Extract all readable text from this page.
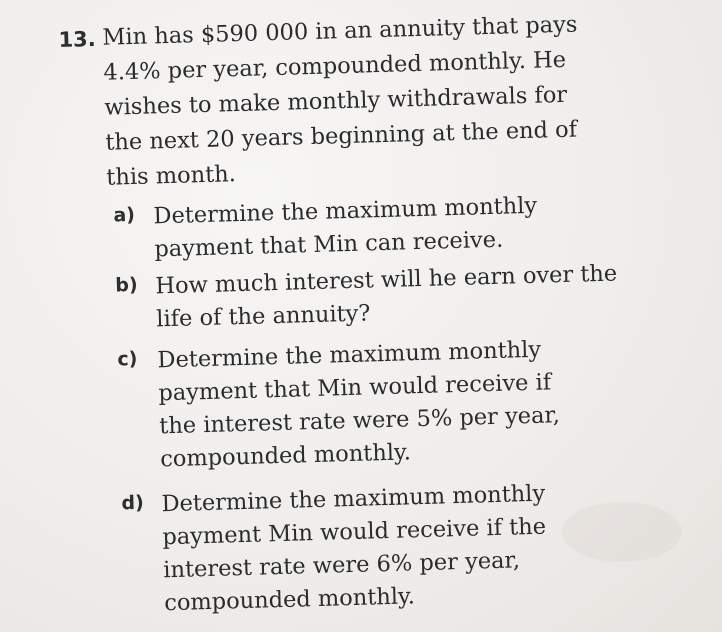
13. Min has $590 000 in an annuity that pays
4.4% per year, compounded monthly. He
wishes to make monthly withdrawals for
the next 20 years beginning at the end of
this month.

a) Determine the maximum monthly
payment that Min can receive.
b) How much interest will he earn over the
life of the annuity?
c) Determine the maximum monthly
payment that Min would receive if
the interest rate were 5% per year,
compounded monthly.
d) Determine the maximum monthly
payment Min would receive if the
interest rate were 6% per year,
compounded monthly.
